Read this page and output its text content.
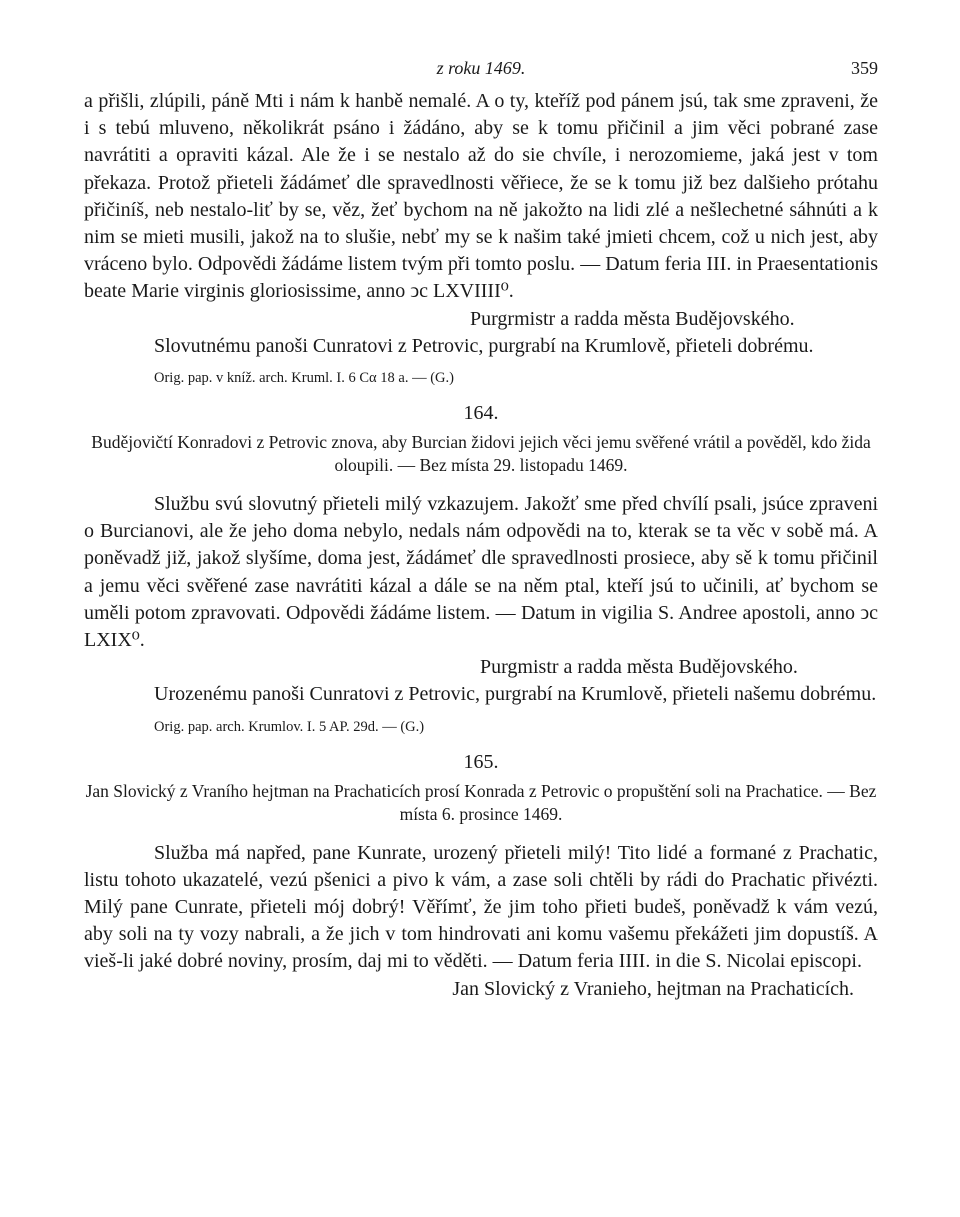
z roku 1469.	359

a přišli, zlúpili, páně Mti i nám k hanbě nemalé. A o ty, kteříž pod pánem jsú, tak sme zpraveni, že i s tebú mluveno, několikrát psáno i žádáno, aby se k tomu přičinil a jim věci pobrané zase navrátiti a opraviti kázal. Ale že i se nestalo až do sie chvíle, i nerozomieme, jaká jest v tom překaza. Protož přieteli žádámeť dle spravedlnosti věřiece, že se k tomu již bez dalšieho prótahu přičiníš, neb nestalo-liť by se, věz, žeť bychom na ně jakožto na lidi zlé a nešlechetné sáhnúti a k nim se mieti musili, jakož na to slušie, nebť my se k našim také jmieti chcem, což u nich jest, aby vráceno bylo. Odpovědi žádáme listem tvým při tomto poslu. — Datum feria III. in Praesentationis beate Marie virginis gloriosissime, anno ↄc LXVIIII⁰.

Purgrmistr a radda města Budějovského.

Slovutnému panoši Cunratovi z Petrovic, purgrabí na Krumlově, přieteli dobrému.

Orig. pap. v kníž. arch. Kruml. I. 6 Cα 18 a. — (G.)

164.

Budějovičtí Konradovi z Petrovic znova, aby Burcian židovi jejich věci jemu svěřené vrátil a pověděl, kdo žida oloupili. — Bez místa 29. listopadu 1469.

Službu svú slovutný přieteli milý vzkazujem. Jakožť sme před chvílí psali, jsúce zpraveni o Burcianovi, ale že jeho doma nebylo, nedals nám odpovědi na to, kterak se ta věc v sobě má. A poněvadž již, jakož slyšíme, doma jest, žádámeť dle spravedlnosti prosiece, aby sě k tomu přičinil a jemu věci svěřené zase navrátiti kázal a dále se na něm ptal, kteří jsú to učinili, ať bychom se uměli potom zpravovati. Odpovědi žádáme listem. — Datum in vigilia S. Andree apostoli, anno ↄc LXIX⁰.

Purgmistr a radda města Budějovského.

Urozenému panoši Cunratovi z Petrovic, purgrabí na Krumlově, přieteli našemu dobrému.

Orig. pap. arch. Krumlov. I. 5 AP. 29d. — (G.)

165.

Jan Slovický z Vraního hejtman na Prachaticích prosí Konrada z Petrovic o propuštění soli na Prachatice. — Bez místa 6. prosince 1469.

Služba má napřed, pane Kunrate, urozený přieteli milý! Tito lidé a formané z Prachatic, listu tohoto ukazatelé, vezú pšenici a pivo k vám, a zase soli chtěli by rádi do Prachatic přivézti. Milý pane Cunrate, přieteli mój dobrý! Věřímť, že jim toho přieti budeš, poněvadž k vám vezú, aby soli na ty vozy nabrali, a že jich v tom hindrovati ani komu vašemu překážeti jim dopustíš. A vieš-li jaké dobré noviny, prosím, daj mi to věděti. — Datum feria IIII. in die S. Nicolai episcopi.

Jan Slovický z Vranieho, hejtman na Prachaticích.
